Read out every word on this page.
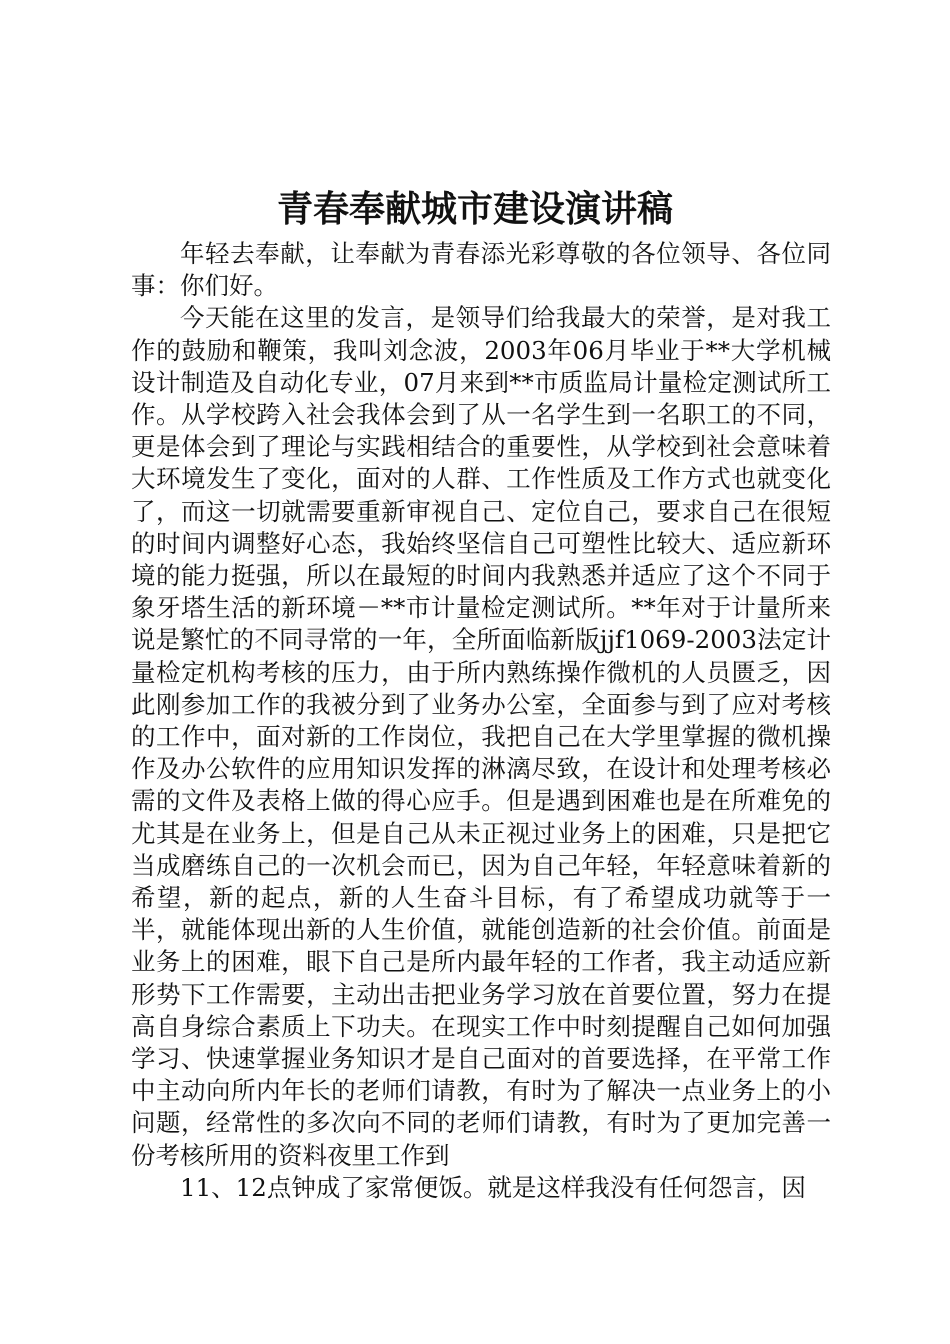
青春奉献城市建设演讲稿

年轻去奉献，让奉献为青春添光彩尊敬的各位领导、各位同事：你们好。

今天能在这里的发言，是领导们给我最大的荣誉，是对我工作的鼓励和鞭策，我叫刘念波，2003年06月毕业于**大学机械设计制造及自动化专业，07月来到**市质监局计量检定测试所工作。从学校跨入社会我体会到了从一名学生到一名职工的不同，更是体会到了理论与实践相结合的重要性，从学校到社会意味着大环境发生了变化，面对的人群、工作性质及工作方式也就变化了，而这一切就需要重新审视自己、定位自己，要求自己在很短的时间内调整好心态，我始终坚信自己可塑性比较大、适应新环境的能力挺强，所以在最短的时间内我熟悉并适应了这个不同于象牙塔生活的新环境－**市计量检定测试所。**年对于计量所来说是繁忙的不同寻常的一年，全所面临新版jjf1069-2003法定计量检定机构考核的压力，由于所内熟练操作微机的人员匮乏，因此刚参加工作的我被分到了业务办公室，全面参与到了应对考核的工作中，面对新的工作岗位，我把自己在大学里掌握的微机操作及办公软件的应用知识发挥的淋漓尽致，在设计和处理考核必需的文件及表格上做的得心应手。但是遇到困难也是在所难免的尤其是在业务上，但是自己从未正视过业务上的困难，只是把它当成磨练自己的一次机会而已，因为自己年轻，年轻意味着新的希望，新的起点，新的人生奋斗目标，有了希望成功就等于一半，就能体现出新的人生价值，就能创造新的社会价值。前面是业务上的困难，眼下自己是所内最年轻的工作者，我主动适应新形势下工作需要，主动出击把业务学习放在首要位置，努力在提高自身综合素质上下功夫。在现实工作中时刻提醒自己如何加强学习、快速掌握业务知识才是自己面对的首要选择，在平常工作中主动向所内年长的老师们请教，有时为了解决一点业务上的小问题，经常性的多次向不同的老师们请教，有时为了更加完善一份考核所用的资料夜里工作到

11、12点钟成了家常便饭。就是这样我没有任何怨言，因
